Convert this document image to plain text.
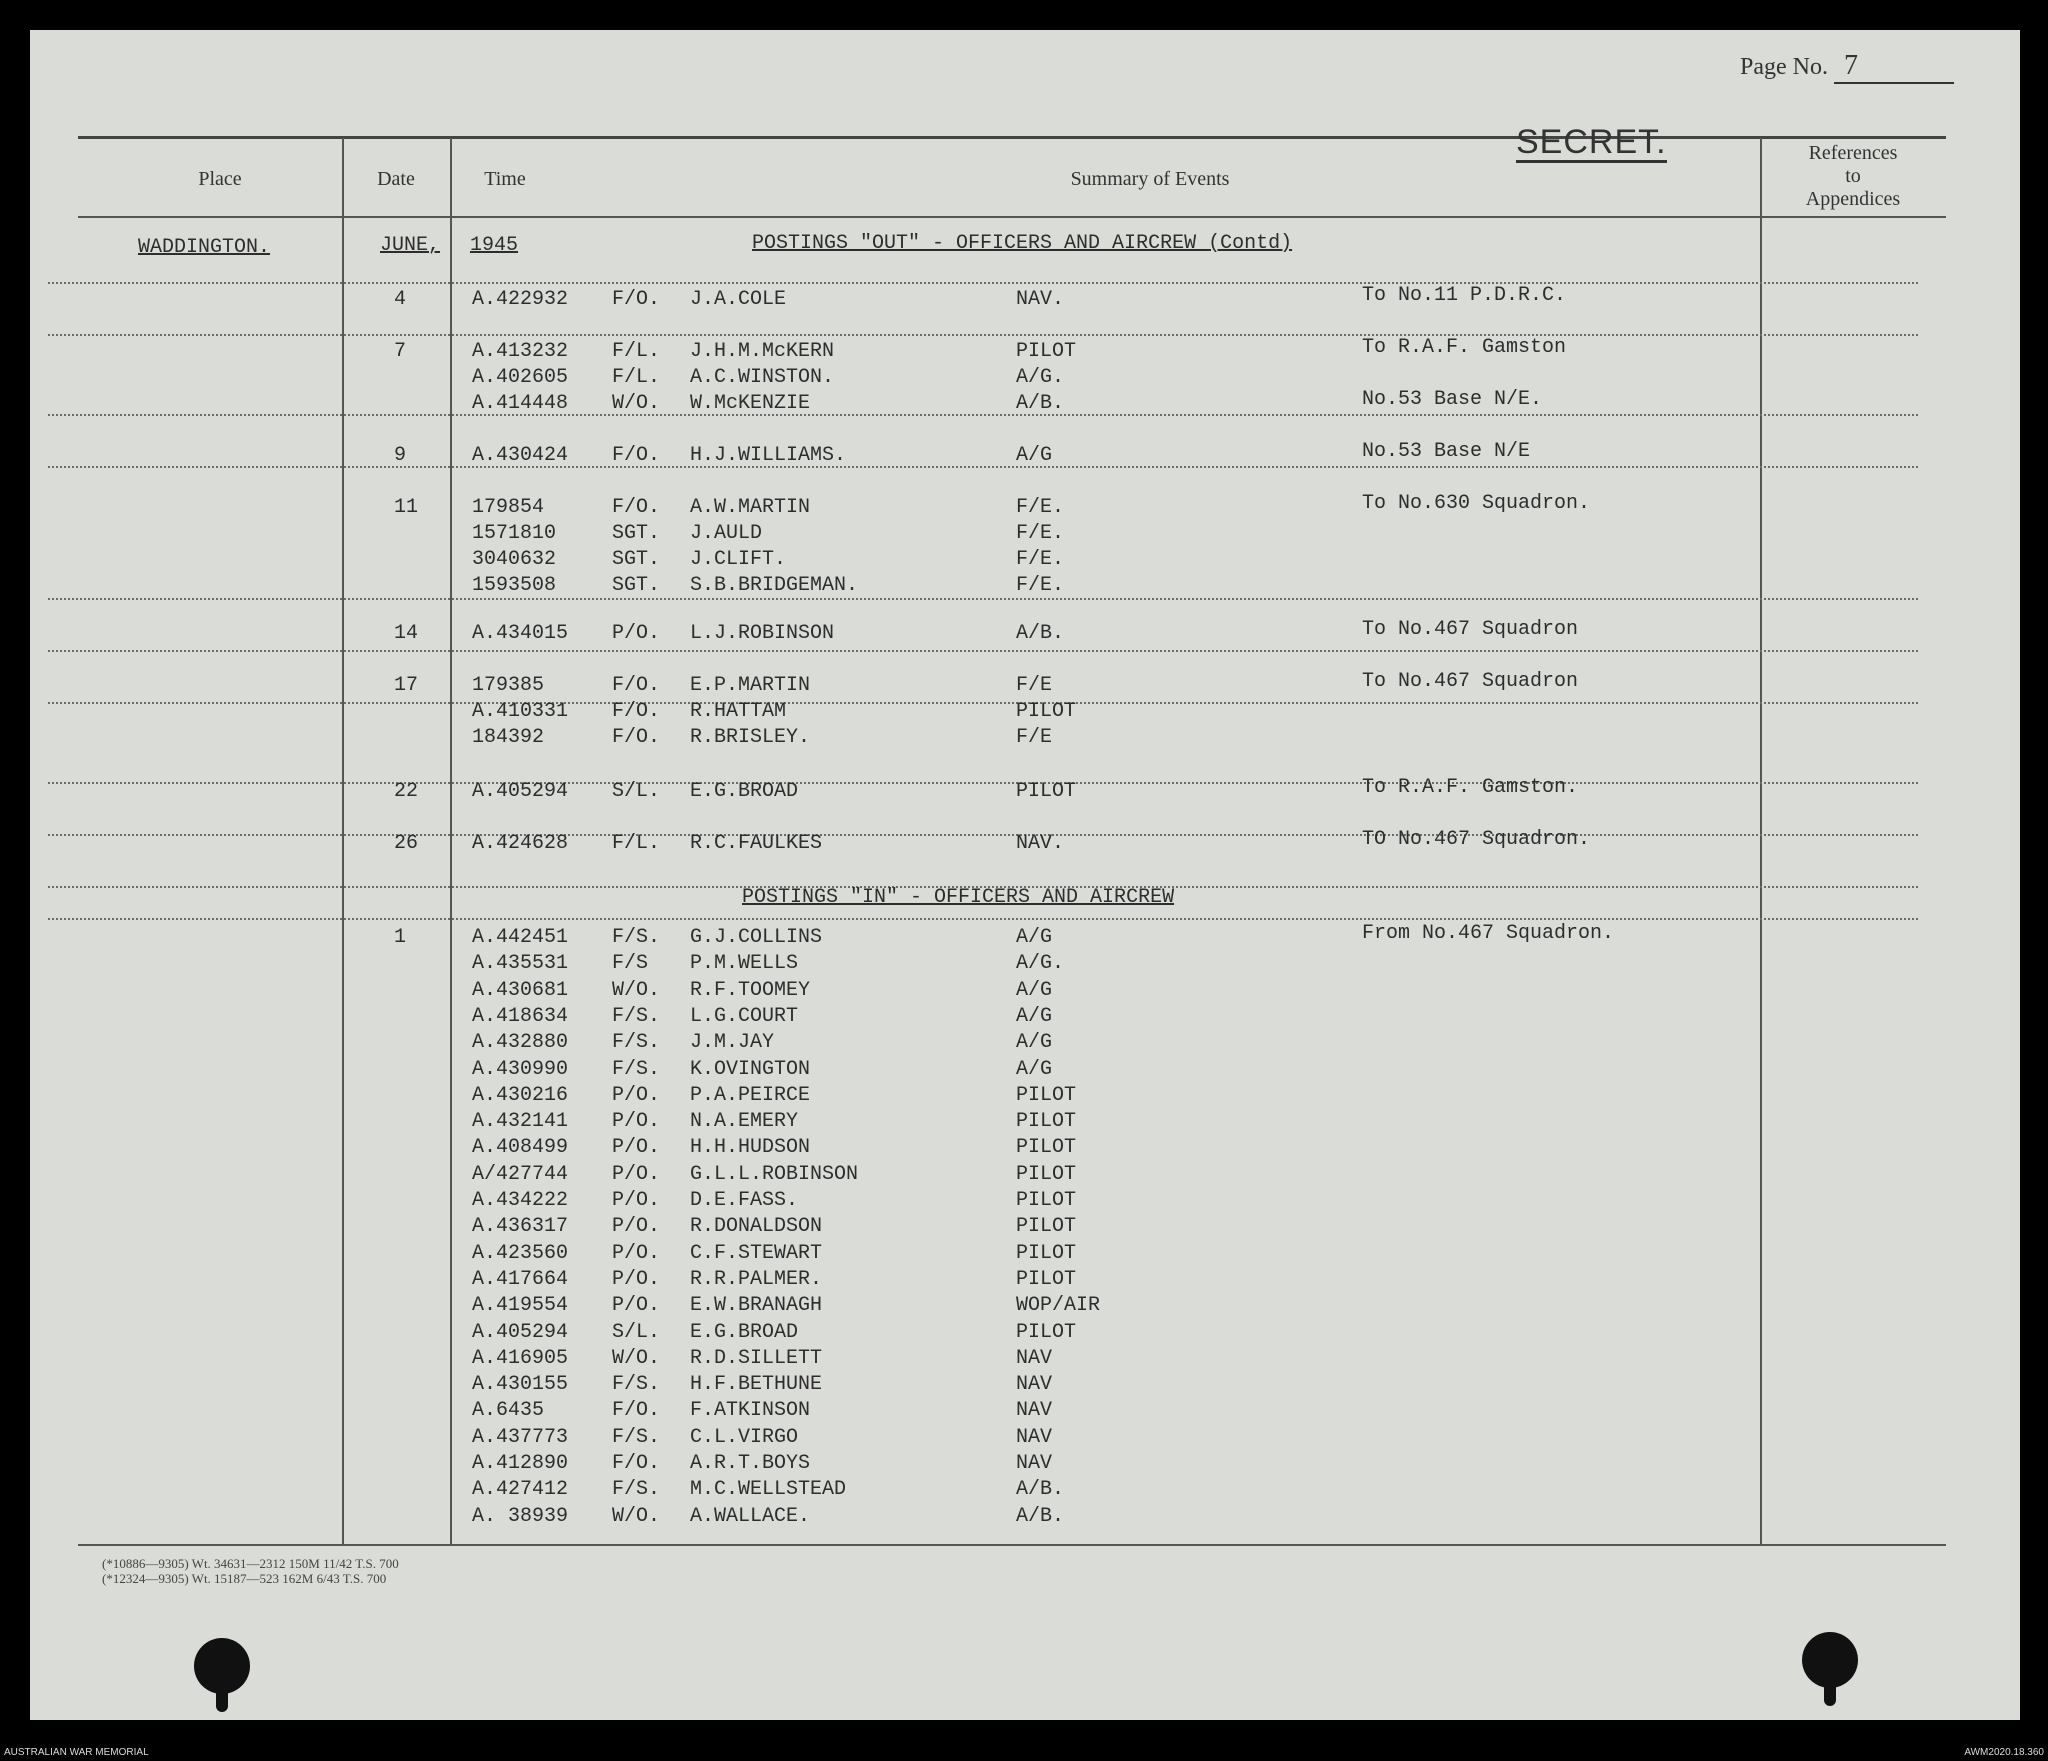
Page No. 7
Place	Date	Time	Summary of Events
SECRET.	References
to
Appendices
WADDINGTON.	JUNE, 1945	POSTINGS "OUT" - OFFICERS AND AIRCREW (Contd)
4	A.422932 F/O. J.A.COLE	NAV.	To No.11 P.D.R.C.
7	A.413232 F/L. J.H.M.McKERN	PILOT	To R.A.F. Gamston
A.402605 F/L. A.C.WINSTON.	A/G.
A.414448 W/O. W.McKENZIE	A/B.	No.53 Base N/E.
9	A.430424 F/O. H.J.WILLIAMS.	A/G	No.53 Base N/E
11	179854	F/O. A.W.MARTIN	F/E.	To No.630 Squadron.
1571810	SGT. J.AULD	F/E.
3040632	SGT. J.CLIFT.	F/E.
1593508	SGT. S.B.BRIDGEMAN.	F/E.
14	A.434015 P/O. L.J.ROBINSON	A/B.	To No.467 Squadron
17	179385	F/O. E.P.MARTIN	F/E	To No.467 Squadron
A.410331 F/O. R.HATTAM	PILOT
184392	F/O. R.BRISLEY.	F/E
22	A.405294 S/L. E.G.BROAD	PILOT	To R.A.F. Gamston.
26	A.424628 F/L. R.C.FAULKES	NAV.	TO No.467 Squadron.
1	From No.467 Squadron.
A.442451 F/S. G.J.COLLINS	A/G
A.435531 F/S P.M.WELLS	A/G.
A.430681 W/O. R.F.TOOMEY	A/G
A.418634 F/S. L.G.COURT	A/G
A.432880 F/S. J.M.JAY	A/G
A.430990 F/S. K.OVINGTON	A/G
A.430216 P/O. P.A.PEIRCE	PILOT
A.432141 P/O. N.A.EMERY	PILOT
A.408499 P/O. H.H.HUDSON	PILOT
A/427744 P/O. G.L.L.ROBINSON	PILOT
A.434222 P/O. D.E.FASS.	PILOT
A.436317 P/O. R.DONALDSON	PILOT
A.423560 P/O. C.F.STEWART	PILOT
A.417664 P/O. R.R.PALMER.	PILOT
A.419554 P/O. E.W.BRANAGH	WOP/AIR
A.405294 S/L. E.G.BROAD	PILOT
A.416905 W/O. R.D.SILLETT	NAV
A.430155 F/S. H.F.BETHUNE	NAV
A.6435	F/O. F.ATKINSON	NAV
A.437773 F/S. C.L.VIRGO	NAV
A.412890 F/O. A.R.T.BOYS	NAV
A.427412 F/S. M.C.WELLSTEAD	A/B.
A. 38939 W/O. A.WALLACE.	A/B.
POSTINGS "IN" - OFFICERS AND AIRCREW
(*10886—9305) Wt. 34631—2312 150M 11/42 T.S. 700
(*12324—9305) Wt. 15187—523 162M 6/43 T.S. 700
AUSTRALIAN WAR MEMORIAL	AWM2020.18.360
